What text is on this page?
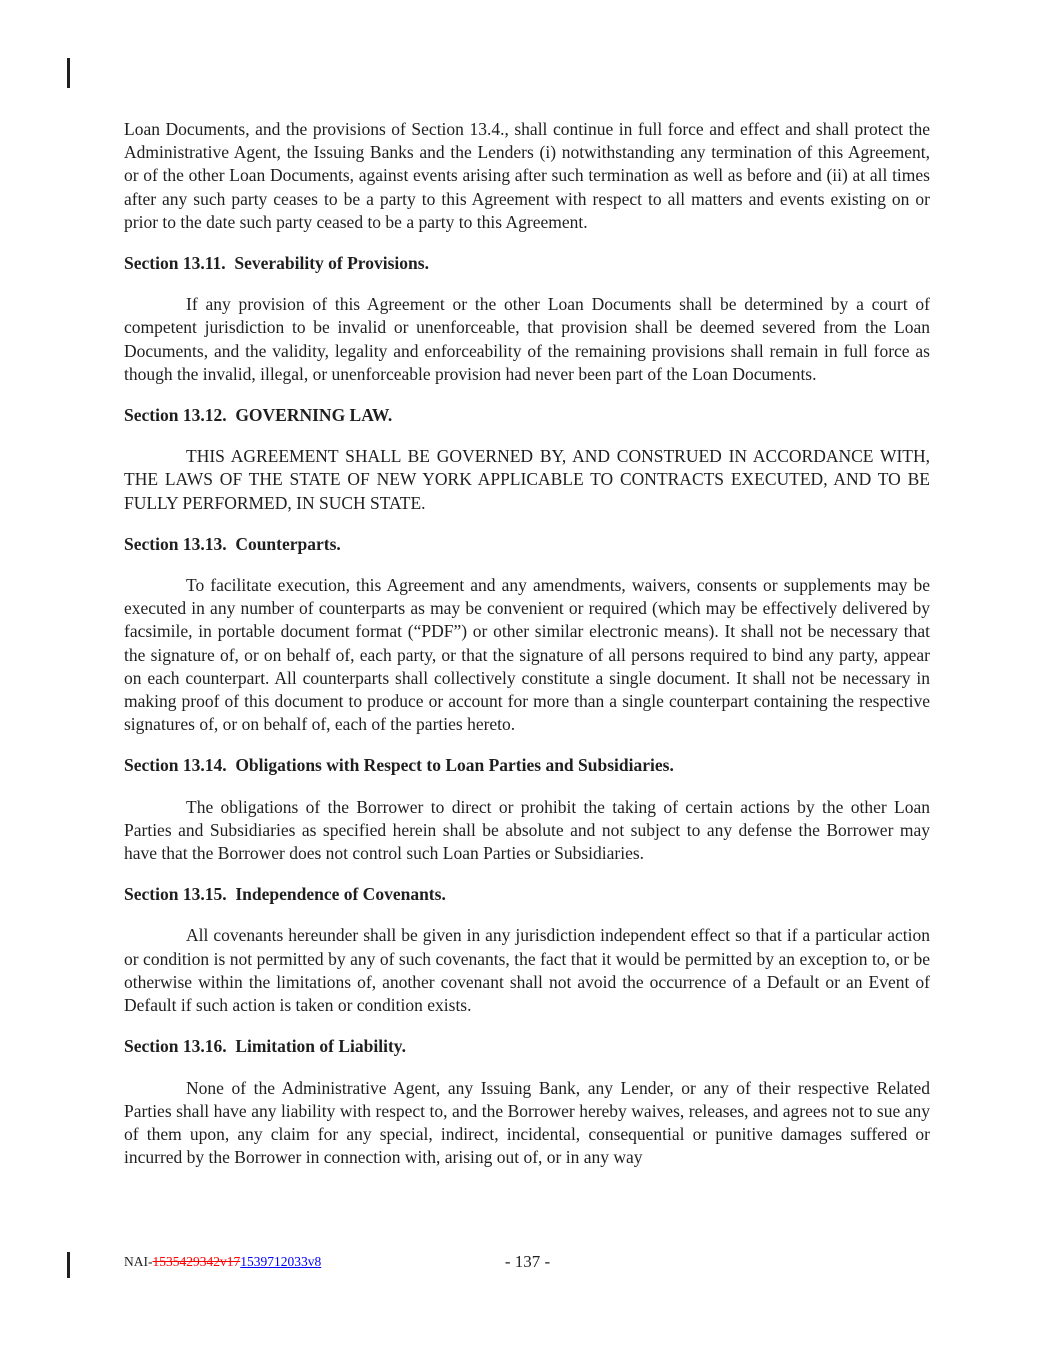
Loan Documents, and the provisions of Section 13.4., shall continue in full force and effect and shall protect the Administrative Agent, the Issuing Banks and the Lenders (i) notwithstanding any termination of this Agreement, or of the other Loan Documents, against events arising after such termination as well as before and (ii) at all times after any such party ceases to be a party to this Agreement with respect to all matters and events existing on or prior to the date such party ceased to be a party to this Agreement.

Section 13.11.  Severability of Provisions.

If any provision of this Agreement or the other Loan Documents shall be determined by a court of competent jurisdiction to be invalid or unenforceable, that provision shall be deemed severed from the Loan Documents, and the validity, legality and enforceability of the remaining provisions shall remain in full force as though the invalid, illegal, or unenforceable provision had never been part of the Loan Documents.

Section 13.12.  GOVERNING LAW.

THIS AGREEMENT SHALL BE GOVERNED BY, AND CONSTRUED IN ACCORDANCE WITH, THE LAWS OF THE STATE OF NEW YORK APPLICABLE TO CONTRACTS EXECUTED, AND TO BE FULLY PERFORMED, IN SUCH STATE.

Section 13.13.  Counterparts.

To facilitate execution, this Agreement and any amendments, waivers, consents or supplements may be executed in any number of counterparts as may be convenient or required (which may be effectively delivered by facsimile, in portable document format (“PDF”) or other similar electronic means). It shall not be necessary that the signature of, or on behalf of, each party, or that the signature of all persons required to bind any party, appear on each counterpart. All counterparts shall collectively constitute a single document. It shall not be necessary in making proof of this document to produce or account for more than a single counterpart containing the respective signatures of, or on behalf of, each of the parties hereto.

Section 13.14.  Obligations with Respect to Loan Parties and Subsidiaries.

The obligations of the Borrower to direct or prohibit the taking of certain actions by the other Loan Parties and Subsidiaries as specified herein shall be absolute and not subject to any defense the Borrower may have that the Borrower does not control such Loan Parties or Subsidiaries.

Section 13.15.  Independence of Covenants.

All covenants hereunder shall be given in any jurisdiction independent effect so that if a particular action or condition is not permitted by any of such covenants, the fact that it would be permitted by an exception to, or be otherwise within the limitations of, another covenant shall not avoid the occurrence of a Default or an Event of Default if such action is taken or condition exists.

Section 13.16.  Limitation of Liability.

None of the Administrative Agent, any Issuing Bank, any Lender, or any of their respective Related Parties shall have any liability with respect to, and the Borrower hereby waives, releases, and agrees not to sue any of them upon, any claim for any special, indirect, incidental, consequential or punitive damages suffered or incurred by the Borrower in connection with, arising out of, or in any way

NAI-1535429342v171539712033v8	- 137 -
